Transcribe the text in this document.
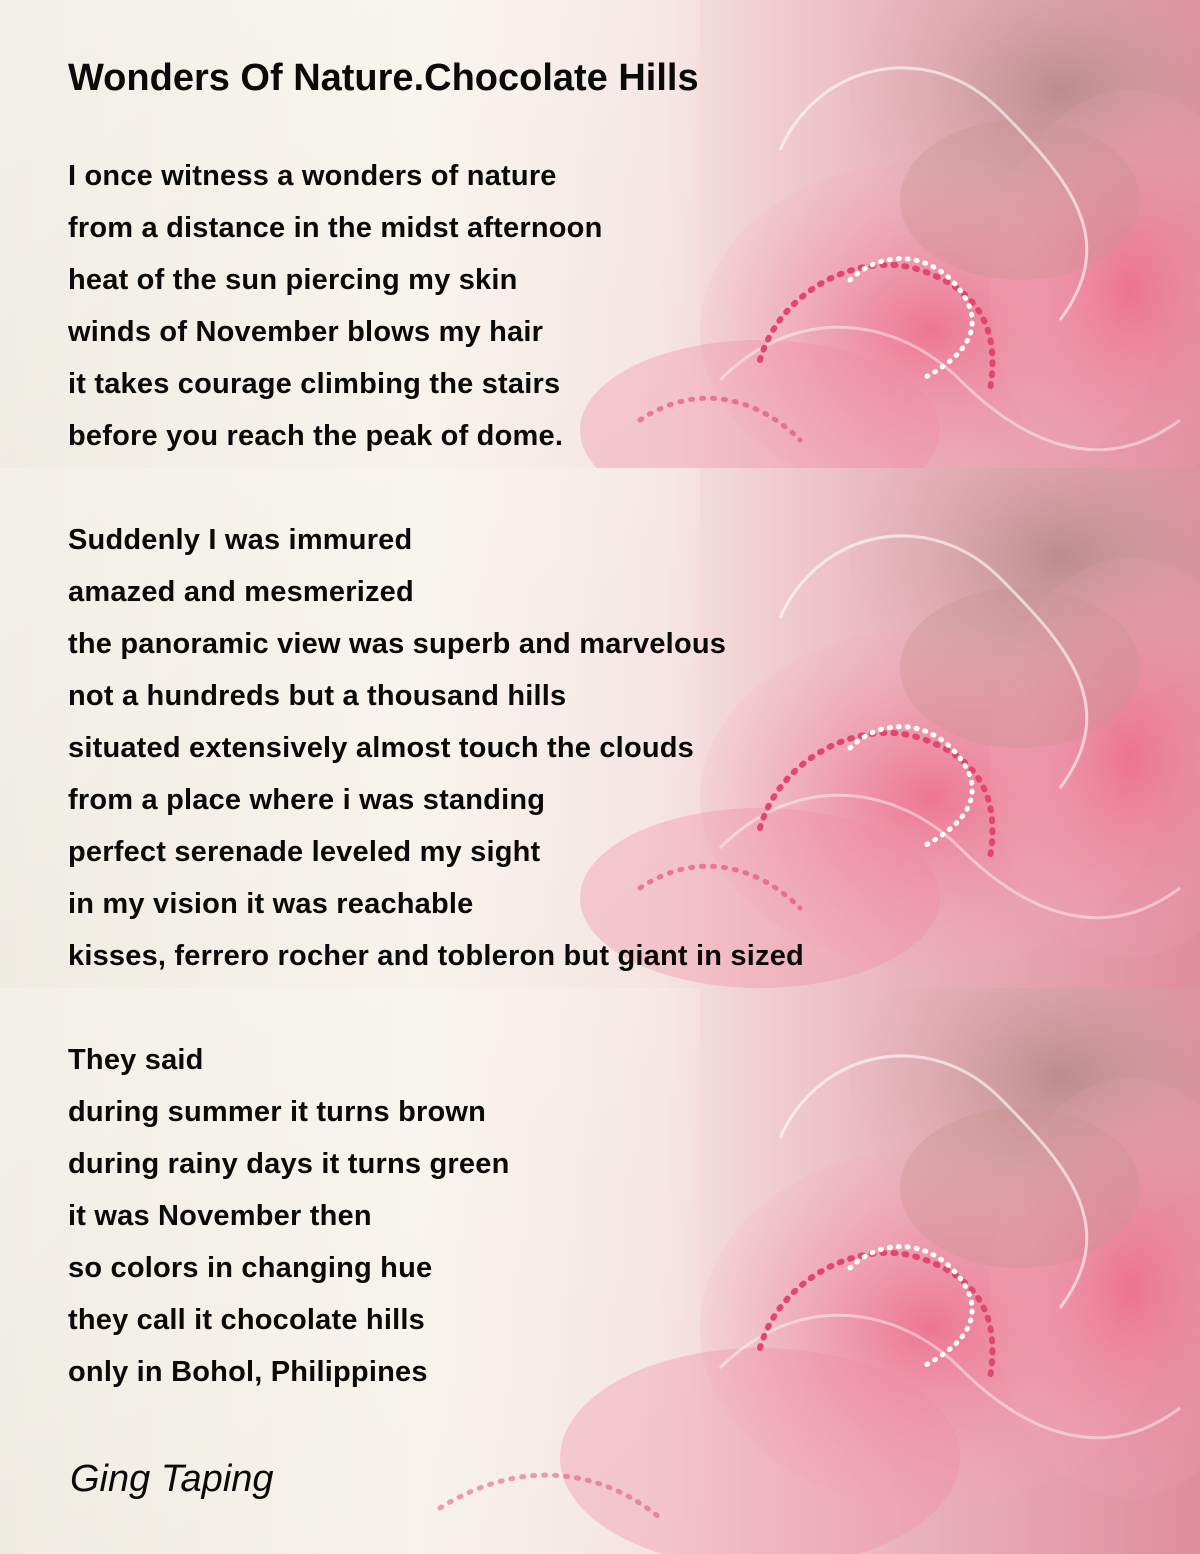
Wonders Of Nature.Chocolate Hills
I once witness a wonders of nature
from a distance in the midst afternoon
heat of the sun piercing my skin
winds of November blows my hair
it takes courage climbing the stairs
before you reach the peak of dome.
Suddenly I was immured
amazed and mesmerized
the panoramic view was superb and marvelous
not a hundreds but a thousand hills
situated extensively almost touch the clouds
from a place where i was standing
perfect serenade leveled my sight
in my vision it was reachable
kisses, ferrero rocher and tobleron but giant in sized
They said
during summer it turns brown
during rainy days it turns green
it was November then
so colors in changing hue
they call it chocolate hills
only in Bohol, Philippines

Ging Taping
